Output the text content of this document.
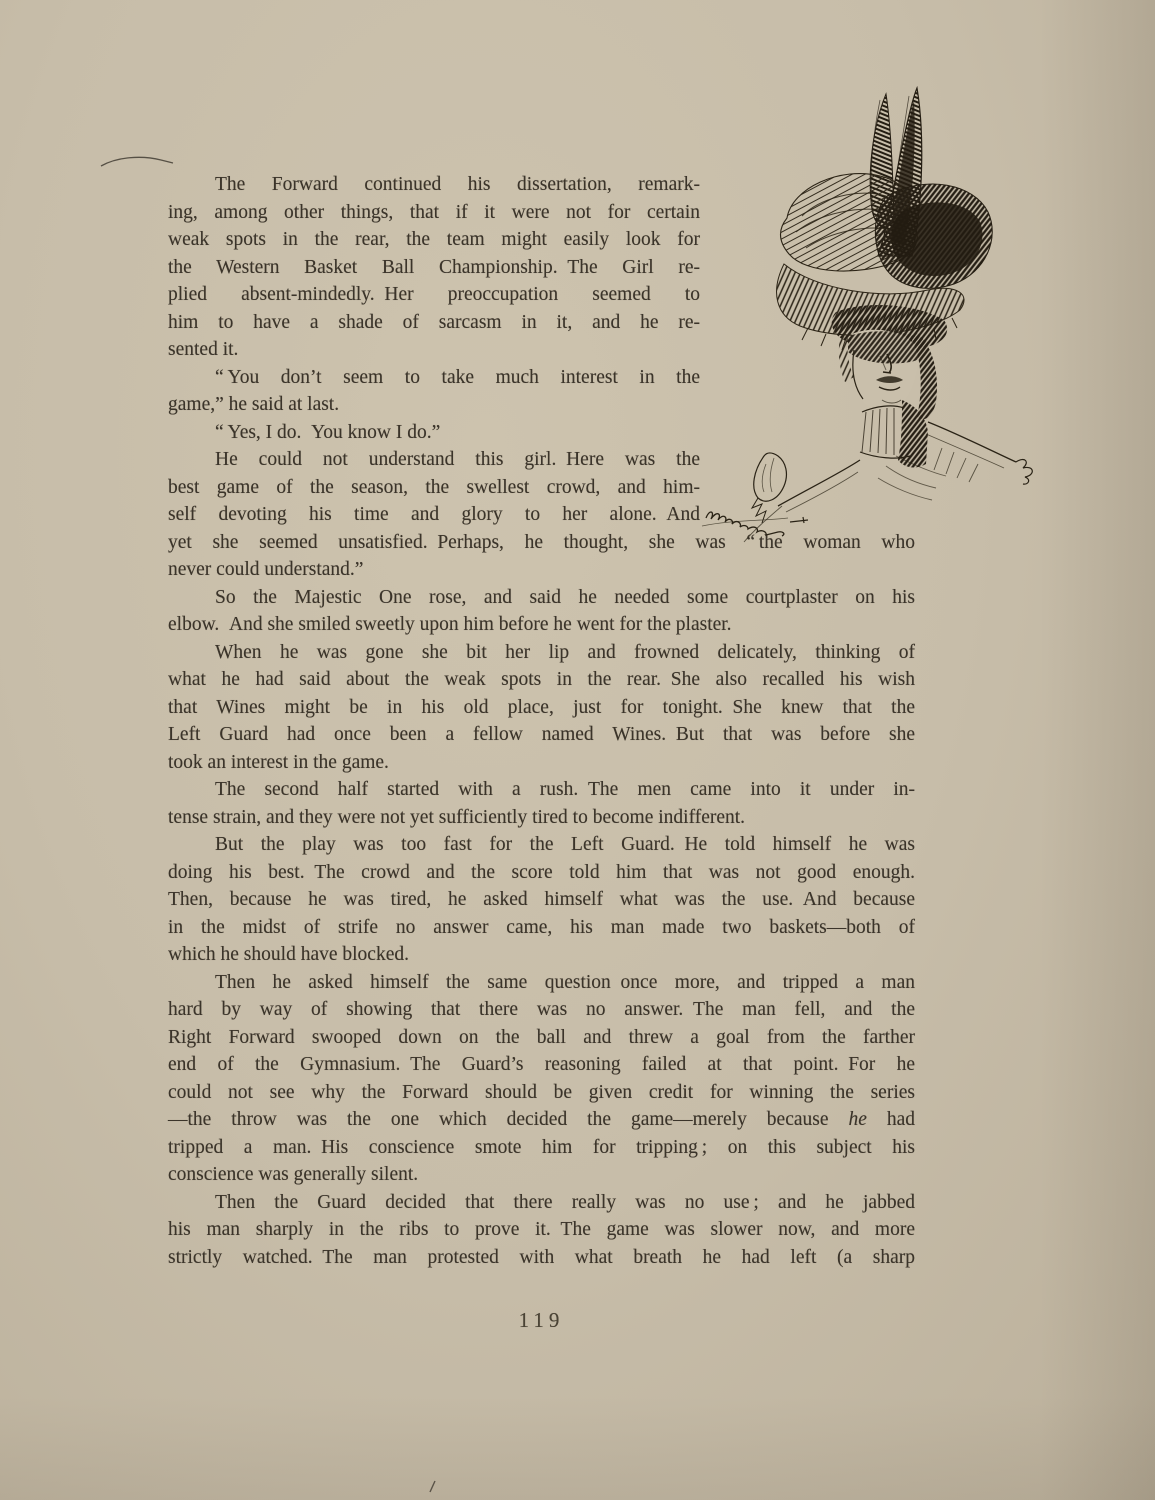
The Forward continued his dissertation, remark-
ing, among other things, that if it were not for certain
weak spots in the rear, the team might easily look for
the Western Basket Ball Championship. The Girl re-
plied absent-mindedly. Her preoccupation seemed to
him to have a shade of sarcasm in it, and he re-
sented it.

“ You don’t seem to take much interest in the
game,” he said at last.

“ Yes, I do. You know I do.”

He could not understand this girl. Here was the
best game of the season, the swellest crowd, and him-
self devoting his time and glory to her alone. And
yet she seemed unsatisfied. Perhaps, he thought, she was “ the woman who
never could understand.”

So the Majestic One rose, and said he needed some courtplaster on his
elbow. And she smiled sweetly upon him before he went for the plaster.

When he was gone she bit her lip and frowned delicately, thinking of
what he had said about the weak spots in the rear. She also recalled his wish
that Wines might be in his old place, just for tonight. She knew that the
Left Guard had once been a fellow named Wines. But that was before she
took an interest in the game.

The second half started with a rush. The men came into it under in-
tense strain, and they were not yet sufficiently tired to become indifferent.

But the play was too fast for the Left Guard. He told himself he was
doing his best. The crowd and the score told him that was not good enough.
Then, because he was tired, he asked himself what was the use. And because
in the midst of strife no answer came, his man made two baskets—both of
which he should have blocked.

Then he asked himself the same question once more, and tripped a man
hard by way of showing that there was no answer. The man fell, and the
Right Forward swooped down on the ball and threw a goal from the farther
end of the Gymnasium. The Guard’s reasoning failed at that point. For he
could not see why the Forward should be given credit for winning the series
—the throw was the one which decided the game—merely because he had
tripped a man. His conscience smote him for tripping ; on this subject his
conscience was generally silent.

Then the Guard decided that there really was no use ; and he jabbed
his man sharply in the ribs to prove it. The game was slower now, and more
strictly watched. The man protested with what breath he had left (a sharp

119
